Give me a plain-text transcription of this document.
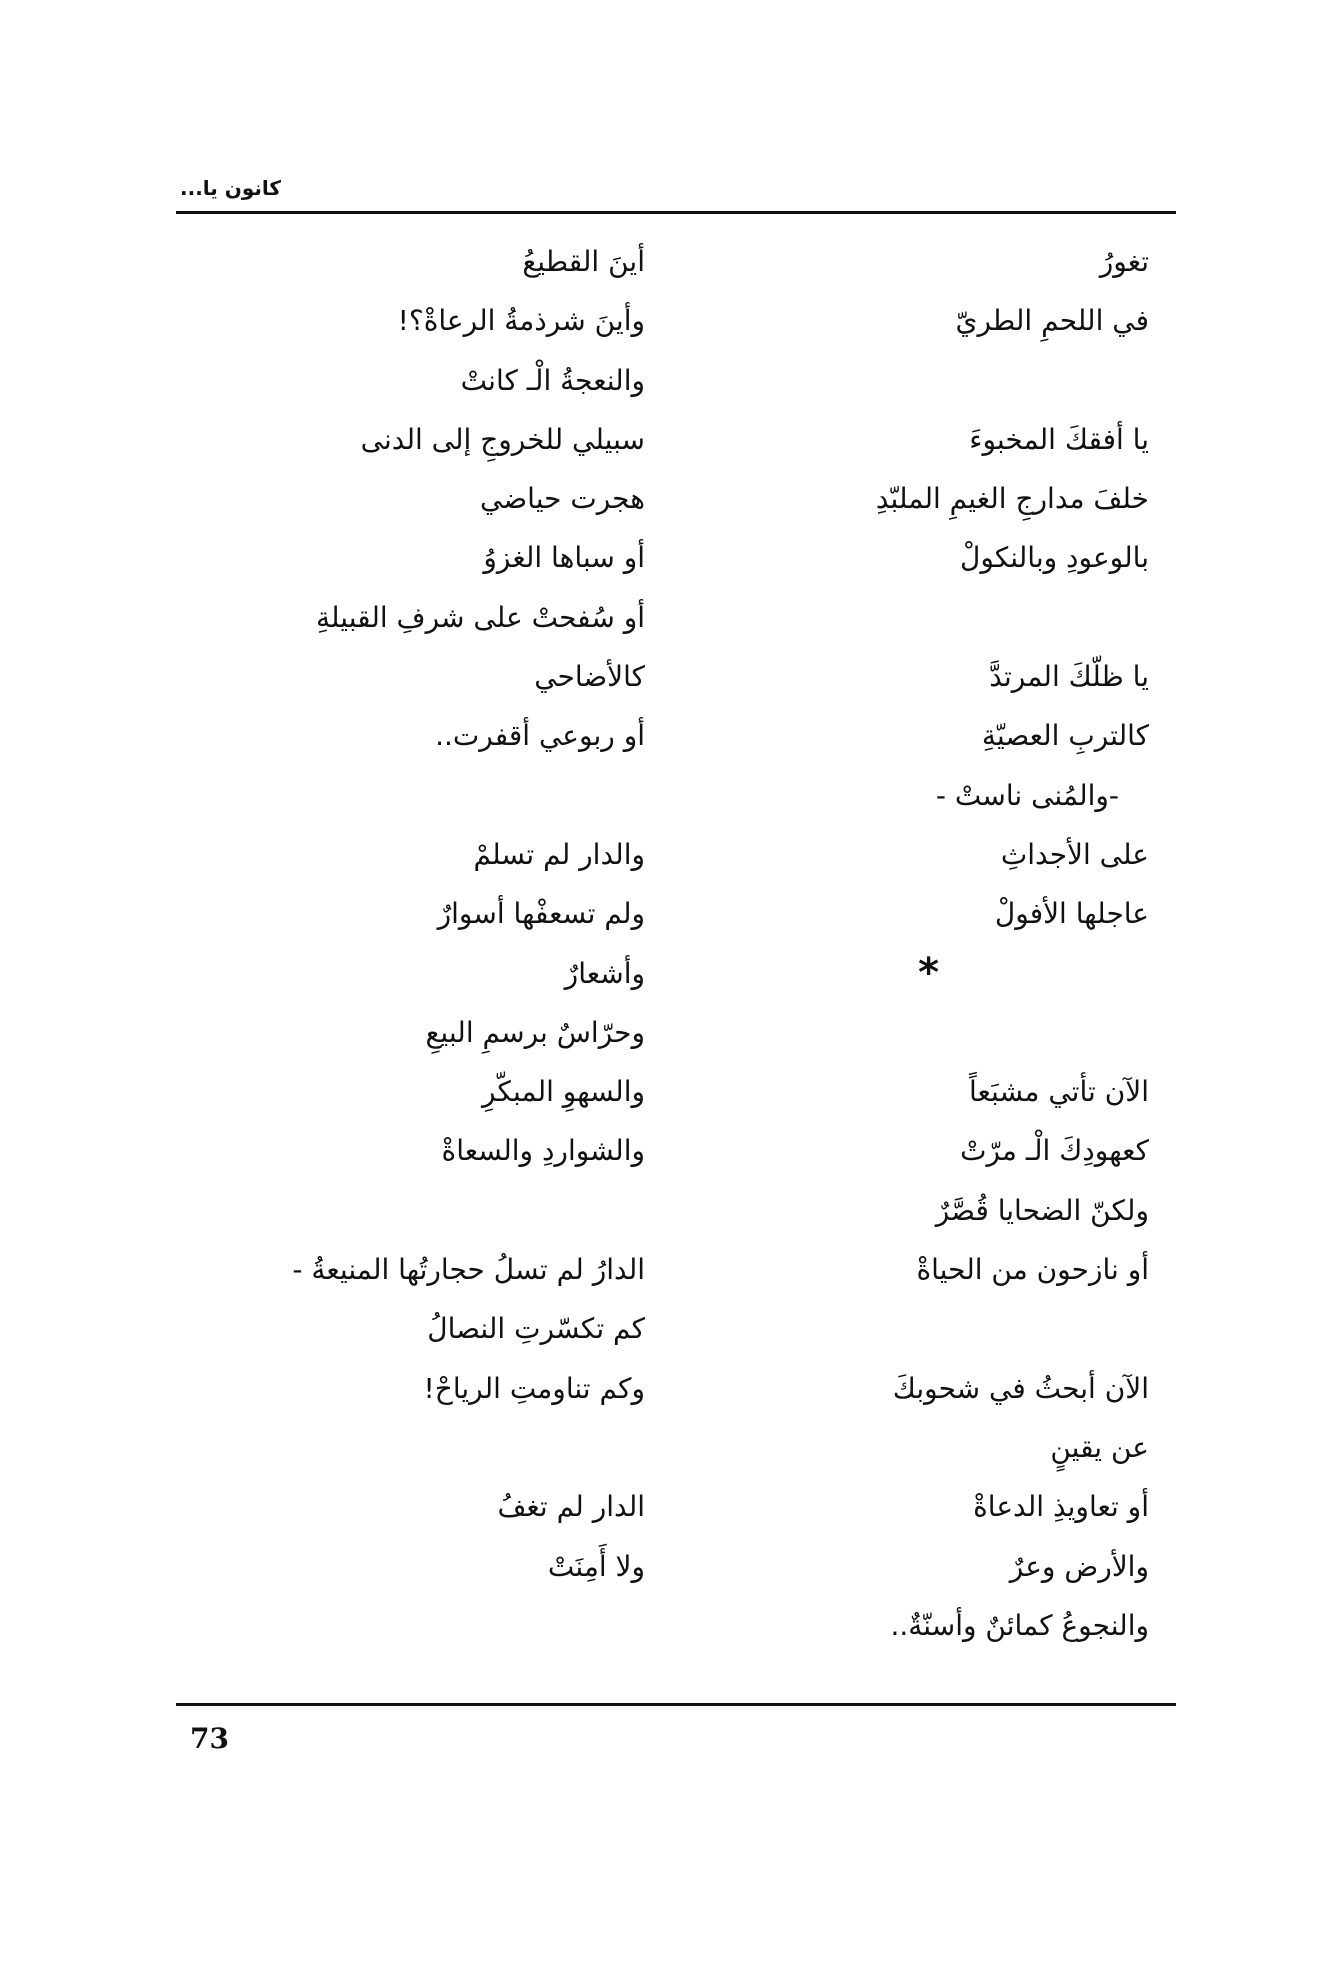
كانون يا...
تغورُ
في اللحمِ الطريّ
يا أفقكَ المخبوءَ
خلفَ مدارجِ الغيمِ الملبّدِ
بالوعودِ وبالنكولْ
يا ظلّكَ المرتدَّ
كالتربِ العصيّةِ
-والمُنى ناستْ -
على الأجداثِ
عاجلها الأفولْ
*
الآن تأتي مشبَعاً
كعهودِكَ الْـ مرّتْ
ولكنّ الضحايا قُصَّرٌ
أو نازحون من الحياةْ
الآن أبحثُ في شحوبكَ
عن يقينٍ
أو تعاويذِ الدعاةْ
والأرض وعرٌ
والنجوعُ كمائنٌ وأسنّةٌ..
أينَ القطيعُ
وأينَ شرذمةُ الرعاةْ؟!
والنعجةُ الْـ كانتْ
سبيلي للخروجِ إلى الدنى
هجرت حياضي
أو سباها الغزوُ
أو سُفحتْ على شرفِ القبيلةِ
كالأضاحي
أو ربوعي أقفرت..
والدار لم تسلمْ
ولم تسعفْها أسوارٌ
وأشعارٌ
وحرّاسٌ برسمِ البيعِ
والسهوِ المبكّرِ
والشواردِ والسعاةْ
الدارُ لم تسلُ حجارتُها المنيعةُ -
كم تكسّرتِ النصالُ
وكم تناومتِ الرياحْ!
الدار لم تغفُ
ولا أَمِنَتْ
73
